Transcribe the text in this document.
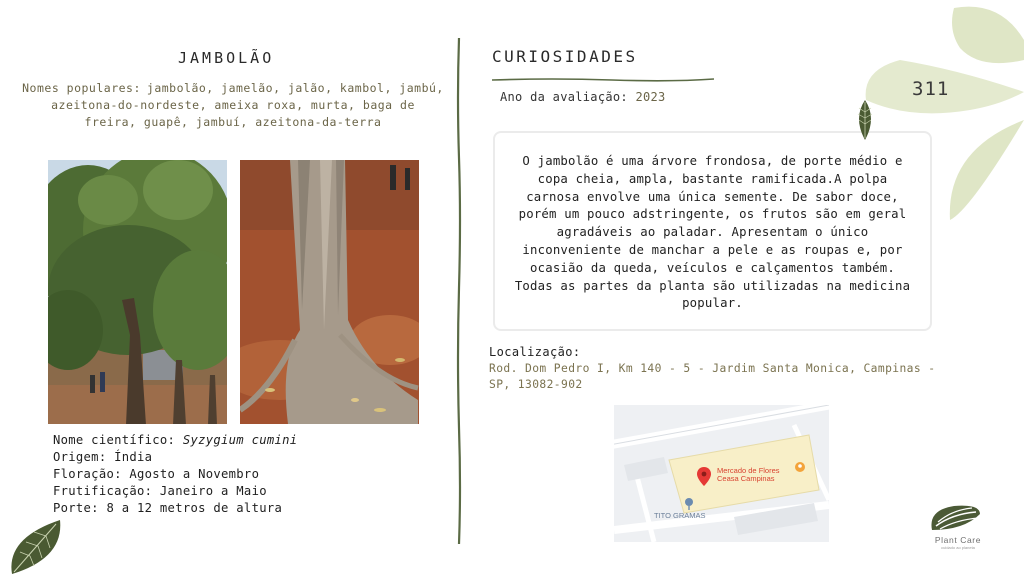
JAMBOLÃO
Nomes populares: jambolão, jamelão, jalão, kambol, jambú, azeitona-do-nordeste, ameixa roxa, murta, baga de freira, guapê, jambuí, azeitona-da-terra
Nome científico: Syzygium cumini
Origem: Índia
Floração: Agosto a Novembro
Frutificação: Janeiro a Maio
Porte: 8 a 12 metros de altura
CURIOSIDADES
Ano da avaliação: 2023
O jambolão é uma árvore frondosa, de porte médio e copa cheia, ampla, bastante ramificada.A polpa carnosa envolve uma única semente. De sabor doce, porém um pouco adstringente, os frutos são em geral agradáveis ao paladar. Apresentam o único inconveniente de manchar a pele e as roupas e, por ocasião da queda, veículos e calçamentos também. Todas as partes da planta são utilizadas na medicina popular.
Localização:
Rod. Dom Pedro I, Km 140 - 5 - Jardim Santa Monica, Campinas - SP, 13082-902
Mercado de Flores
Ceasa Campinas
TITO GRAMAS
311
Plant Care
cuidado ao planeta
